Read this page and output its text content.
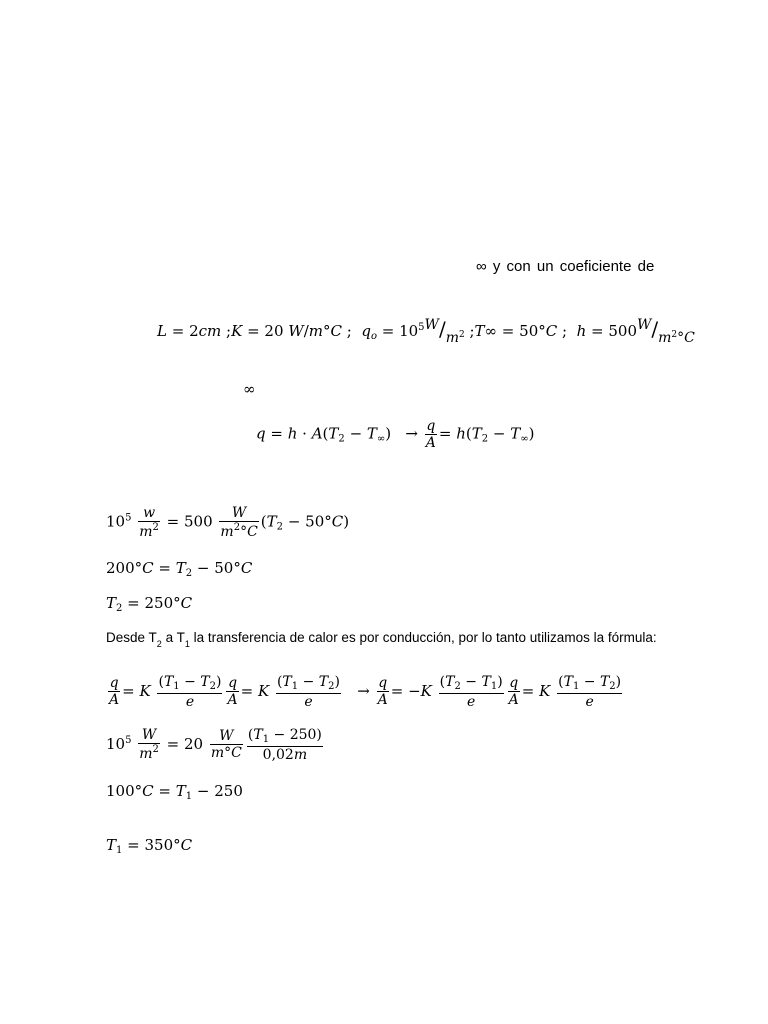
∞ y con un coeficiente de
L = 2cm ;K = 20 W/m°C ;  $q_o = 10^{5W}/_{m^2}$ ;T∞ = 50°C ;  $h = 500^W/_{m^2^\circ C}$
∞
$q = h \cdot A(T_2 - T_\infty) \to \frac{q}{A} = h(T_2 - T_\infty)$
$10^5 \frac{w}{m^2} = 500 \frac{W}{m^2^\circ C} (T_2 - 50^\circ C)$
$200^\circ C = T_2 - 50^\circ C$
$T_2 = 250^\circ C$
Desde $T_2$ a $T_1$ la transferencia de calor es por conducción, por lo tanto utilizamos la fórmula:
$\frac{q}{A} = K \frac{(T_1 - T_2)}{e} \frac{q}{A} = K \frac{(T_1 - T_2)}{e} \to \frac{q}{A} = -K \frac{(T_2 - T_1)}{e} \frac{q}{A} = K \frac{(T_1 - T_2)}{e}$
$10^5 \frac{W}{m^2} = 20 \frac{W}{m^\circ C} \frac{(T_1 - 250)}{0,02m}$
$100^\circ C = T_1 - 250$
$T_1 = 350^\circ C$
